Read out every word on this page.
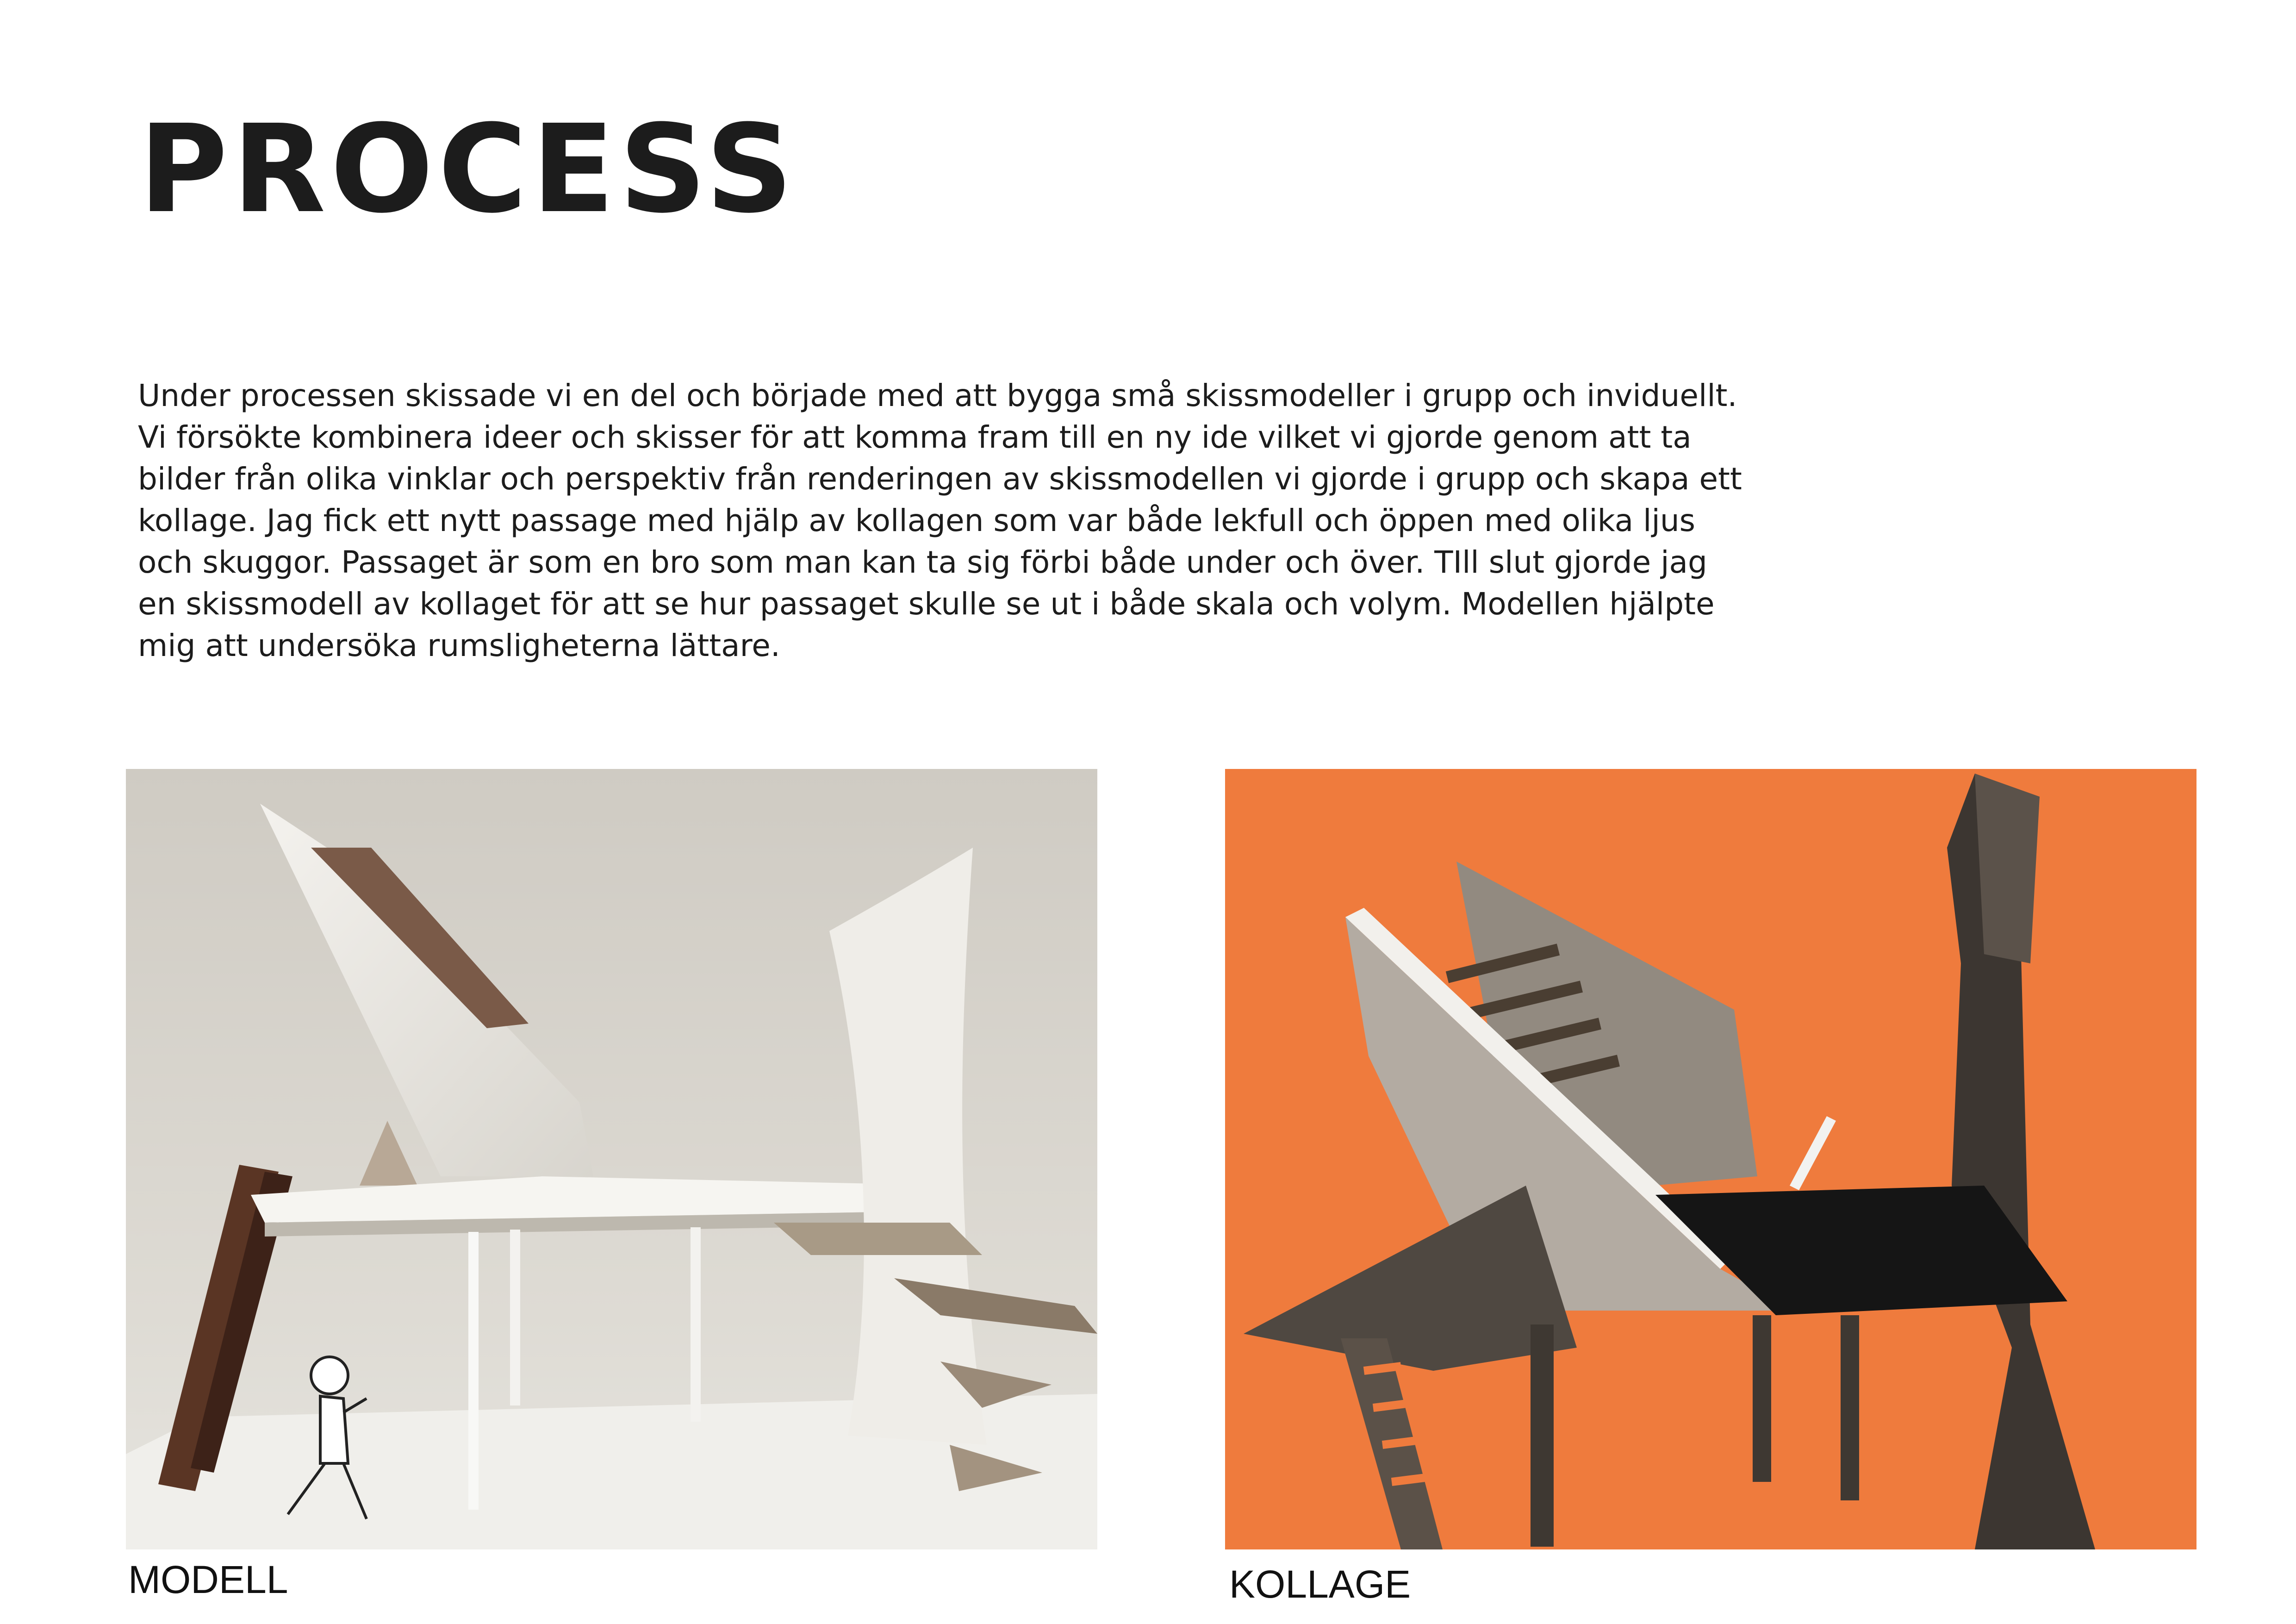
PROCESS

Under processen skissade vi en del och började med att bygga små skissmodeller i grupp och inviduellt.
Vi försökte kombinera ideer och skisser för att komma fram till en ny ide vilket vi gjorde genom att ta
bilder från olika vinklar och perspektiv från renderingen av skissmodellen vi gjorde i grupp och skapa ett
kollage. Jag fick ett nytt passage med hjälp av kollagen som var både lekfull och öppen med olika ljus
och skuggor. Passaget är som en bro som man kan ta sig förbi både under och över. TIll slut gjorde jag
en skissmodell av kollaget för att se hur passaget skulle se ut i både skala och volym. Modellen hjälpte
mig att undersöka rumsligheterna lättare.

MODELL	KOLLAGE
